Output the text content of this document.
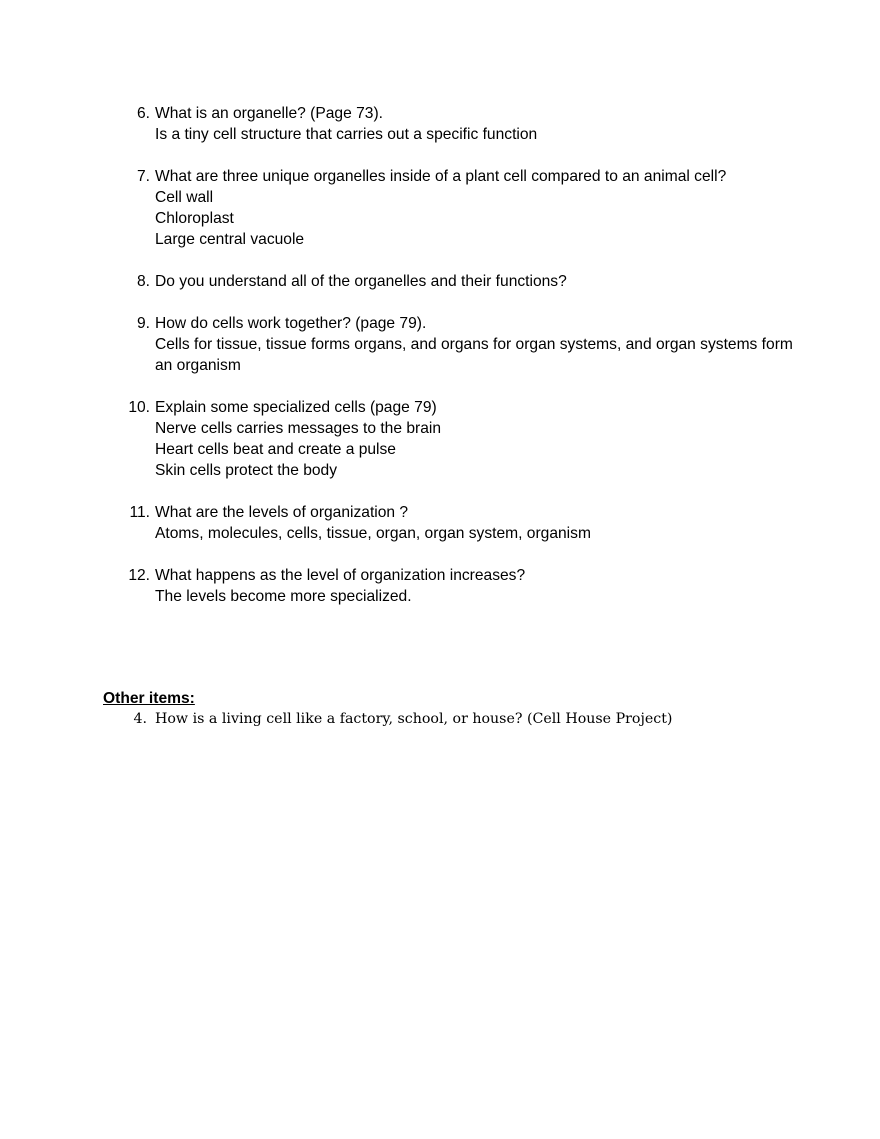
6. What is an organelle? (Page 73).
Is a tiny cell structure that carries out a specific function
7. What are three unique organelles inside of a plant cell compared to an animal cell?
Cell wall
Chloroplast
Large central vacuole
8. Do you understand all of the organelles and their functions?
9. How do cells work together? (page 79).
Cells for tissue, tissue forms organs, and organs for organ systems, and organ systems form an organism
10. Explain some specialized cells (page 79)
Nerve cells carries messages to the brain
Heart cells beat and create a pulse
Skin cells protect the body
11. What are the levels of organization ?
Atoms, molecules, cells, tissue, organ, organ system, organism
12. What happens as the level of organization increases?
The levels become more specialized.
Other items:
4. How is a living cell like a factory, school, or house? (Cell House Project)
